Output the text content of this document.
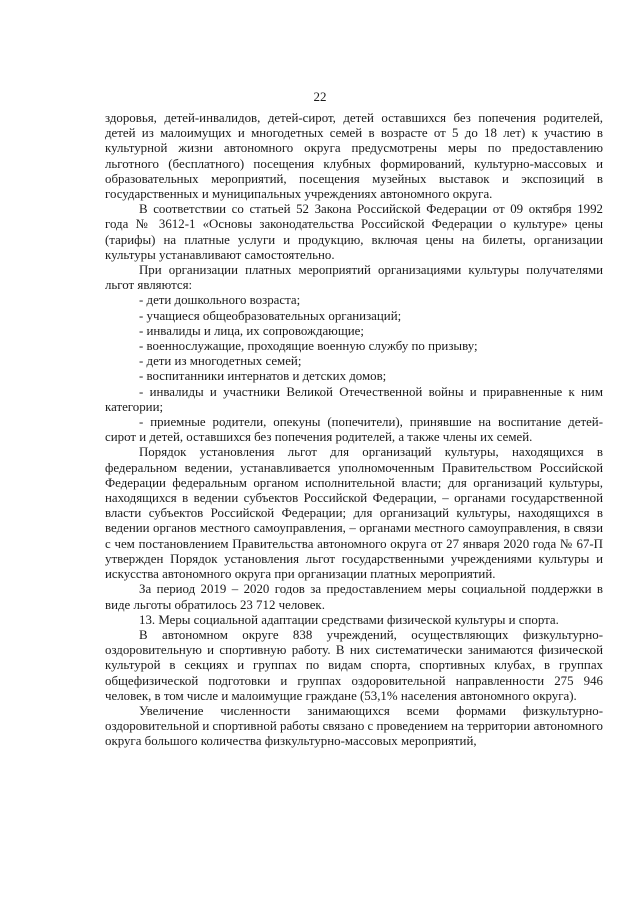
22

здоровья, детей-инвалидов, детей-сирот, детей оставшихся без попечения родителей, детей из малоимущих и многодетных семей в возрасте от 5 до 18 лет) к участию в культурной жизни автономного округа предусмотрены меры по предоставлению льготного (бесплатного) посещения клубных формирований, культурно-массовых и образовательных мероприятий, посещения музейных выставок и экспозиций в государственных и муниципальных учреждениях автономного округа.

В соответствии со статьей 52 Закона Российской Федерации от 09 октября 1992 года № 3612-1 «Основы законодательства Российской Федерации о культуре» цены (тарифы) на платные услуги и продукцию, включая цены на билеты, организации культуры устанавливают самостоятельно.

При организации платных мероприятий организациями культуры получателями льгот являются:

- дети дошкольного возраста;

- учащиеся общеобразовательных организаций;

- инвалиды и лица, их сопровождающие;

- военнослужащие, проходящие военную службу по призыву;

- дети из многодетных семей;

- воспитанники интернатов и детских домов;

- инвалиды и участники Великой Отечественной войны и приравненные к ним категории;

- приемные родители, опекуны (попечители), принявшие на воспитание детей-сирот и детей, оставшихся без попечения родителей, а также члены их семей.

Порядок установления льгот для организаций культуры, находящихся в федеральном ведении, устанавливается уполномоченным Правительством Российской Федерации федеральным органом исполнительной власти; для организаций культуры, находящихся в ведении субъектов Российской Федерации, – органами государственной власти субъектов Российской Федерации; для организаций культуры, находящихся в ведении органов местного самоуправления, – органами местного самоуправления, в связи с чем постановлением Правительства автономного округа от 27 января 2020 года № 67-П утвержден Порядок установления льгот государственными учреждениями культуры и искусства автономного округа при организации платных мероприятий.

За период 2019 – 2020 годов за предоставлением меры социальной поддержки в виде льготы обратилось 23 712 человек.

13. Меры социальной адаптации средствами физической культуры и спорта.

В автономном округе 838 учреждений, осуществляющих физкультурно-оздоровительную и спортивную работу. В них систематически занимаются физической культурой в секциях и группах по видам спорта, спортивных клубах, в группах общефизической подготовки и группах оздоровительной направленности 275 946 человек, в том числе и малоимущие граждане (53,1% населения автономного округа).

Увеличение численности занимающихся всеми формами физкультурно-оздоровительной и спортивной работы связано с проведением на территории автономного округа большого количества физкультурно-массовых мероприятий,
